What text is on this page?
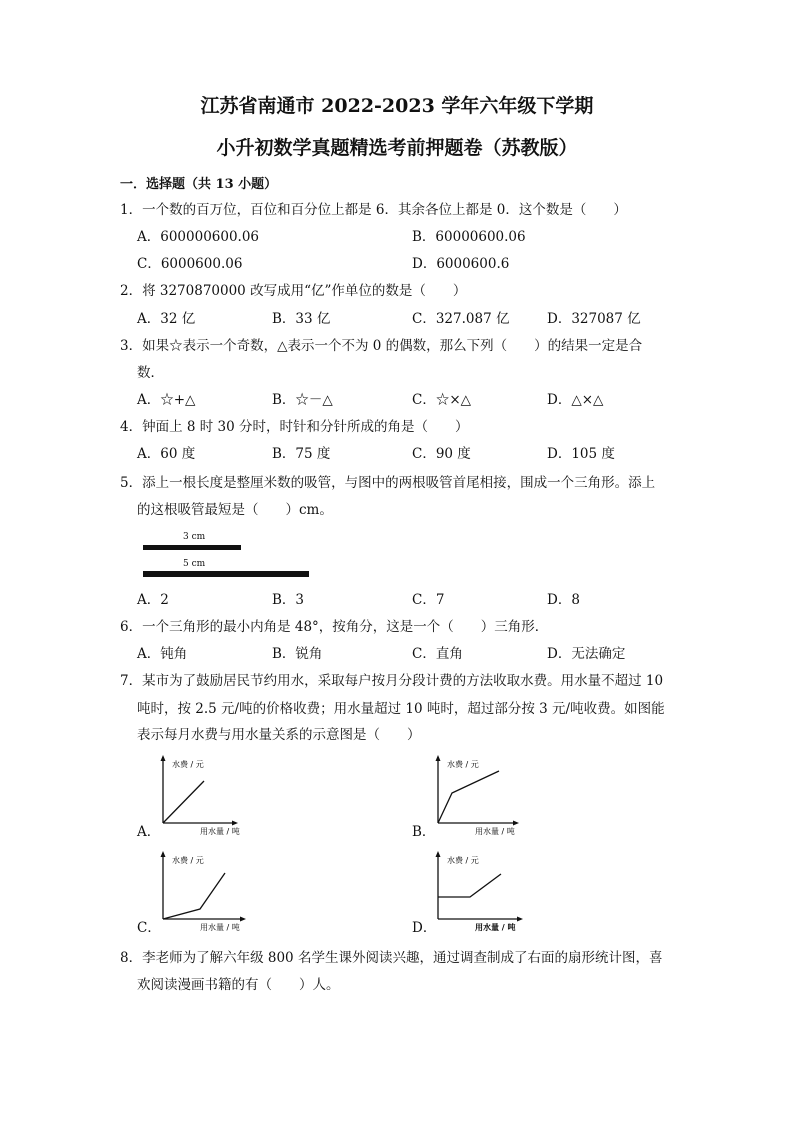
江苏省南通市 2022-2023 学年六年级下学期
小升初数学真题精选考前押题卷（苏教版）
一．选择题（共 13 小题）
1．一个数的百万位，百位和百分位上都是 6．其余各位上都是 0．这个数是（　　）
A．600000600.06	B．60000600.06
C．6000600.06	D．6000600.6
2．将 3270870000 改写成用“亿”作单位的数是（　　）
A．32 亿	B．33 亿	C．327.087 亿	D．327087 亿
3．如果☆表示一个奇数，△表示一个不为 0 的偶数，那么下列（　　）的结果一定是合
数．
A．☆+△	B．☆－△	C．☆×△	D．△×△
4．钟面上 8 时 30 分时，时针和分针所成的角是（　　）
A．60 度	B．75 度	C．90 度	D．105 度
5．添上一根长度是整厘米数的吸管，与图中的两根吸管首尾相接，围成一个三角形。添上
的这根吸管最短是（　　）cm。
3 cm
5 cm
A．2	B．3	C．7	D．8
6．一个三角形的最小内角是 48°，按角分，这是一个（　　）三角形．
A．钝角	B．锐角	C．直角	D．无法确定
7．某市为了鼓励居民节约用水，采取每户按月分段计费的方法收取水费。用水量不超过 10
吨时，按 2.5 元/吨的价格收费；用水量超过 10 吨时，超过部分按 3 元/吨收费。如图能
表示每月水费与用水量关系的示意图是（　　）
A．
水费 / 元
用水量 / 吨	B．
水费 / 元
用水量 / 吨
C．
水费 / 元
用水量 / 吨	D．
水费 / 元
用水量 / 吨
8．李老师为了解六年级 800 名学生课外阅读兴趣，通过调查制成了右面的扇形统计图，喜
欢阅读漫画书籍的有（　　）人。
